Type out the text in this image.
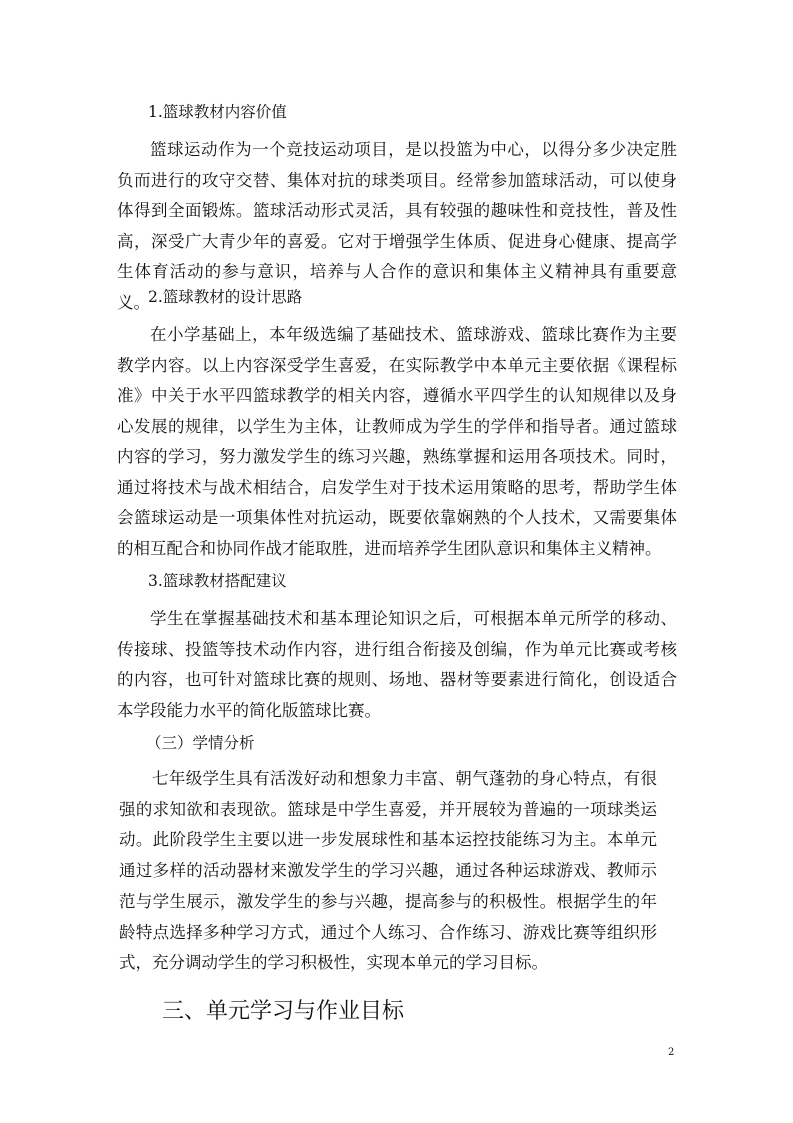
1.篮球教材内容价值

篮球运动作为一个竞技运动项目，是以投篮为中心，以得分多少决定胜负而进行的攻守交替、集体对抗的球类项目。经常参加篮球活动，可以使身体得到全面锻炼。篮球活动形式灵活，具有较强的趣味性和竞技性，普及性高，深受广大青少年的喜爱。它对于增强学生体质、促进身心健康、提高学生体育活动的参与意识，培养与人合作的意识和集体主义精神具有重要意义。

2.篮球教材的设计思路

在小学基础上，本年级选编了基础技术、篮球游戏、篮球比赛作为主要教学内容。以上内容深受学生喜爱，在实际教学中本单元主要依据《课程标准》中关于水平四篮球教学的相关内容，遵循水平四学生的认知规律以及身心发展的规律，以学生为主体，让教师成为学生的学伴和指导者。通过篮球内容的学习，努力激发学生的练习兴趣，熟练掌握和运用各项技术。同时，通过将技术与战术相结合，启发学生对于技术运用策略的思考，帮助学生体会篮球运动是一项集体性对抗运动，既要依靠娴熟的个人技术，又需要集体的相互配合和协同作战才能取胜，进而培养学生团队意识和集体主义精神。

3.篮球教材搭配建议

学生在掌握基础技术和基本理论知识之后，可根据本单元所学的移动、传接球、投篮等技术动作内容，进行组合衔接及创编，作为单元比赛或考核的内容，也可针对篮球比赛的规则、场地、器材等要素进行简化，创设适合本学段能力水平的简化版篮球比赛。

（三）学情分析

七年级学生具有活泼好动和想象力丰富、朝气蓬勃的身心特点，有很强的求知欲和表现欲。篮球是中学生喜爱，并开展较为普遍的一项球类运动。此阶段学生主要以进一步发展球性和基本运控技能练习为主。本单元通过多样的活动器材来激发学生的学习兴趣，通过各种运球游戏、教师示范与学生展示，激发学生的参与兴趣，提高参与的积极性。根据学生的年龄特点选择多种学习方式，通过个人练习、合作练习、游戏比赛等组织形式，充分调动学生的学习积极性，实现本单元的学习目标。

三、单元学习与作业目标
2
